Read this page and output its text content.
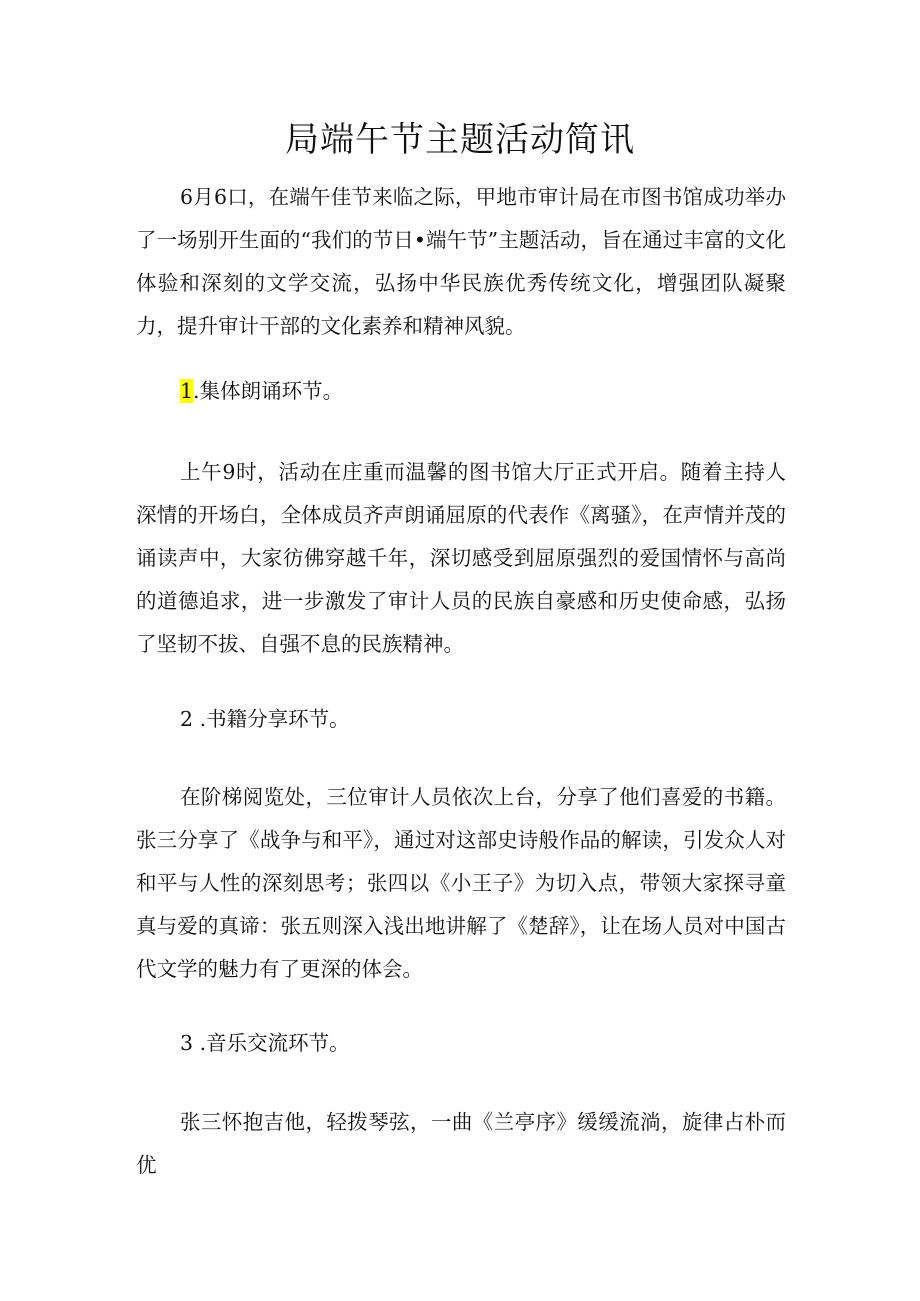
局端午节主题活动简讯

6月6口，在端午佳节来临之际，甲地市审计局在市图书馆成功举办了一场别开生面的“我们的节日•端午节”主题活动，旨在通过丰富的文化体验和深刻的文学交流，弘扬中华民族优秀传统文化，增强团队凝聚力，提升审计干部的文化素养和精神风貌。

1.集体朗诵环节。

上午9时，活动在庄重而温馨的图书馆大厅正式开启。随着主持人深情的开场白，全体成员齐声朗诵屈原的代表作《离骚》，在声情并茂的诵读声中，大家彷佛穿越千年，深切感受到屈原强烈的爱国情怀与高尚的道德追求，进一步激发了审计人员的民族自豪感和历史使命感，弘扬了坚韧不拔、自强不息的民族精神。

2 .书籍分享环节。

在阶梯阅览处，三位审计人员依次上台，分享了他们喜爱的书籍。张三分享了《战争与和平》，通过对这部史诗般作品的解读，引发众人对和平与人性的深刻思考；张四以《小王子》为切入点，带领大家探寻童真与爱的真谛：张五则深入浅出地讲解了《楚辞》，让在场人员对中国古代文学的魅力有了更深的体会。

3 .音乐交流环节。

张三怀抱吉他，轻拨琴弦，一曲《兰亭序》缓缓流淌，旋律占朴而优
